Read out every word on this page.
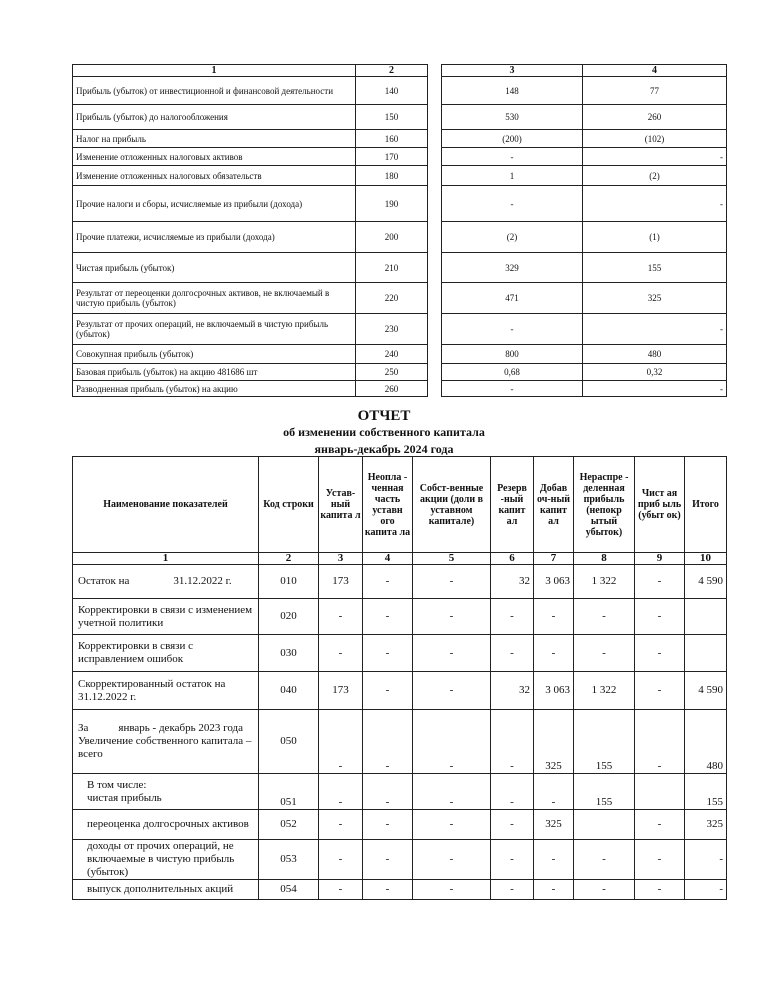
1	2		3	4
Прибыль (убыток) от инвестиционной и финансовой деятельности	140		148	77
Прибыль (убыток) до налогообложения	150		530	260
Налог на прибыль	160		(200)	(102)
Изменение отложенных налоговых активов	170		-	-
Изменение отложенных налоговых обязательств	180		1	(2)
Прочие налоги и сборы, исчисляемые из прибыли (дохода)	190		-	-
Прочие платежи, исчисляемые из прибыли (дохода)	200		(2)	(1)
Чистая прибыль (убыток)	210		329	155
Результат от переоценки долгосрочных активов, не включаемый в чистую прибыль (убыток)	220		471	325
Результат от прочих операций, не включаемый в чистую прибыль (убыток)	230		-	-
Совокупная прибыль (убыток)	240		800	480
Базовая прибыль (убыток) на акцию 481686 шт	250		0,68	0,32
Разводненная прибыль (убыток) на акцию	260		-	-
ОТЧЕТ
об изменении собственного капитала
январь-декабрь 2024 года
Наименование показателей	Код строки	Устав-ный капита л	Неопла - ченная часть уставн ого капита ла	Собст-венные акции (доли в уставном капитале)	Резерв -ный капит ал	Добав оч-ный капит ал	Нераспре - деленная прибыль (непокр ытый убыток)	Чист ая приб ыль (убыт ок)	Итого
1	2	3	4	5	6	7	8	9	10
Остаток на 31.12.2022 г.	010	173	-	-	32	3 063	1 322	-	4 590
Корректировки в связи с изменением учетной политики	020	-	-	-	-	-	-	-	
Корректировки в связи с исправлением ошибок	030	-	-	-	-	-	-	-	
Скорректированный остаток на 31.12.2022 г.	040	173	-	-	32	3 063	1 322	-	4 590

За январь - декабрь 2023 года
Увеличение собственного капитала – всего	050	-	-	-	-	325	155	-	480

В том числе:
чистая прибыль	051	-	-	-	-	-	155		155
переоценка долгосрочных активов	052	-	-	-	-	325		-	325
доходы от прочих операций, не включаемые в чистую прибыль (убыток)	053	-	-	-	-	-	-	-	-
выпуск дополнительных акций	054	-	-	-	-	-	-	-	-
